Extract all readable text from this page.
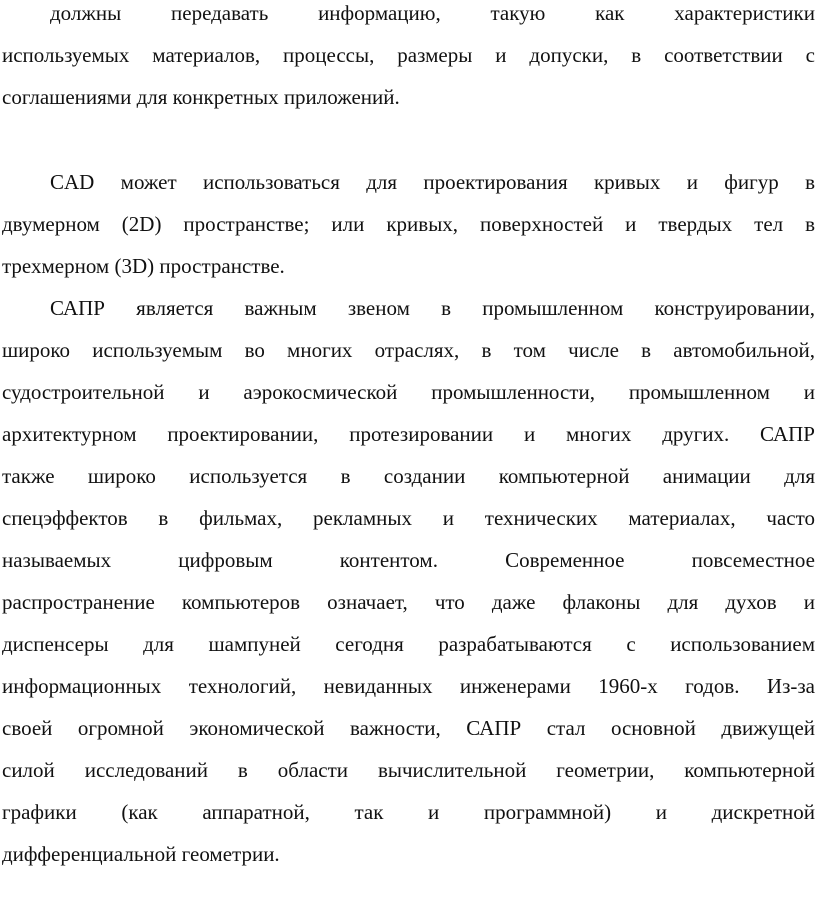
должны передавать информацию, такую как характеристики
используемых материалов, процессы, размеры и допуски, в соответствии с
соглашениями для конкретных приложений.
CAD может использоваться для проектирования кривых и фигур в
двумерном (2D) пространстве; или кривых, поверхностей и твердых тел в
трехмерном (3D) пространстве.
САПР является важным звеном в промышленном конструировании,
широко используемым во многих отраслях, в том числе в автомобильной,
судостроительной и аэрокосмической промышленности, промышленном и
архитектурном проектировании, протезировании и многих других. САПР
также широко используется в создании компьютерной анимации для
спецэффектов в фильмах, рекламных и технических материалах, часто
называемых цифровым контентом. Современное повсеместное
распространение компьютеров означает, что даже флаконы для духов и
диспенсеры для шампуней сегодня разрабатываются с использованием
информационных технологий, невиданных инженерами 1960-х годов. Из-за
своей огромной экономической важности, САПР стал основной движущей
силой исследований в области вычислительной геометрии, компьютерной
графики (как аппаратной, так и программной) и дискретной
дифференциальной геометрии.
